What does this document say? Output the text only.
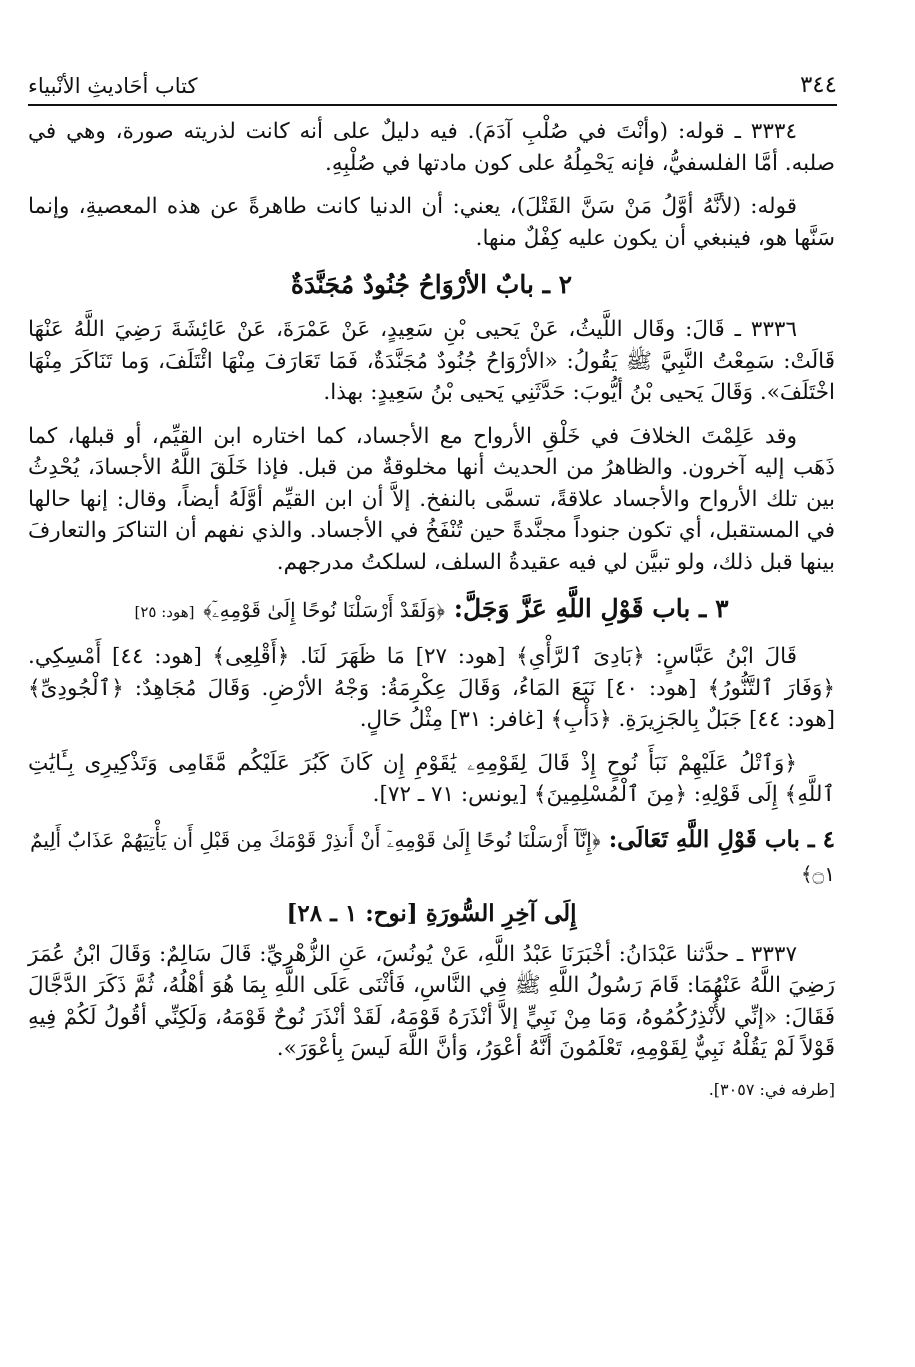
٣٤٤
كتاب أحَاديثِ الأنْبياء

٣٣٣٤ ـ قوله: (وأنْتَ في صُلْبِ آدَمَ). فيه دليلٌ على أنه كانت لذريته صورة، وهي في صلبه. أمَّا الفلسفيُّ، فإنه يَحْمِلُهُ على كون مادتها في صُلْبِهِ.

قوله: (لأنَّهُ أوَّلُ مَنْ سَنَّ القَتْلَ)، يعني: أن الدنيا كانت طاهرةً عن هذه المعصيةِ، وإنما سَنَّها هو، فينبغي أن يكون عليه كِفْلٌ منها.

٢ ـ بابٌ الأرْوَاحُ جُنُودٌ مُجَنَّدَةٌ

٣٣٣٦ ـ قَالَ: وقَال اللَّيثُ، عَنْ يَحيى بْنِ سَعِيدٍ، عَنْ عَمْرَةَ، عَنْ عَائِشَةَ رَضِيَ اللَّهُ عَنْهَا قَالَتْ: سَمِعْتُ النَّبِيَّ ﷺ يَقُولُ: «الأرْوَاحُ جُنُودٌ مُجَنَّدَةٌ، فَمَا تَعَارَفَ مِنْهَا ائْتَلَفَ، وَما تَنَاكَرَ مِنْهَا اخْتَلَفَ». وَقَالَ يَحيى بْنُ أيُّوبَ: حَدَّثَنِي يَحيى بْنُ سَعِيدٍ: بهذا.

وقد عَلِمْتَ الخلافَ في خَلْقِ الأرواح مع الأجساد، كما اختاره ابن القيِّم، أو قبلها، كما ذَهَب إليه آخرون. والظاهرُ من الحديث أنها مخلوقةٌ من قبل. فإذا خَلَقَ اللَّهُ الأجسادَ، يُحْدِثُ بين تلك الأرواح والأجساد علاقةً، تسمَّى بالنفخ. إلاَّ أن ابن القيِّم أوَّلَهُ أيضاً، وقال: إنها حالها في المستقبل، أي تكون جنوداً مجنَّدةً حين تُنْفَخُ في الأجساد. والذي نفهم أن التناكرَ والتعارفَ بينها قبل ذلك، ولو تبيَّن لي فيه عقيدةُ السلف، لسلكتُ مدرجهم.

٣ ـ باب قَوْلِ اللَّهِ عَزَّ وَجَلَّ: ﴿وَلَقَدْ أَرْسَلْنَا نُوحًا إِلَىٰ قَوْمِهِۦٓ﴾ [هود: ٢٥]

قَالَ ابْنُ عَبَّاسٍ: ﴿بَادِىَ ٱلرَّأْىِ﴾ [هود: ٢٧] مَا ظَهَرَ لَنَا. ﴿أَقْلِعِى﴾ [هود: ٤٤] أَمْسِكِي. ﴿وَفَارَ ٱلتَّنُّورُ﴾ [هود: ٤٠] نَبَعَ المَاءُ، وَقَالَ عِكْرِمَةُ: وَجْهُ الأرْضِ. وَقَالَ مُجَاهِدٌ: ﴿ٱلْجُودِىِّ﴾ [هود: ٤٤] جَبَلٌ بِالجَزِيرَةِ. ﴿دَأْبِ﴾ [غافر: ٣١] مِثْلُ حَالٍ.

﴿وَٱتْلُ عَلَيْهِمْ نَبَأَ نُوحٍ إِذْ قَالَ لِقَوْمِهِۦ يَٰقَوْمِ إِن كَانَ كَبُرَ عَلَيْكُم مَّقَامِى وَتَذْكِيرِى بِـَٔايَٰتِ ٱللَّهِ﴾ إِلَى قَوْلِهِ: ﴿مِنَ ٱلْمُسْلِمِينَ﴾ [يونس: ٧١ ـ ٧٢].

٤ ـ باب قَوْلِ اللَّهِ تَعَالَى: ﴿إِنَّآ أَرْسَلْنَا نُوحًا إِلَىٰ قَوْمِهِۦٓ أَنْ أَنذِرْ قَوْمَكَ مِن قَبْلِ أَن يَأْتِيَهُمْ عَذَابٌ أَلِيمٌ ۝١﴾
إِلَى آخِرِ السُّورَةِ [نوح: ١ ـ ٢٨]

٣٣٣٧ ـ حدَّثنا عَبْدَانُ: أخْبَرَنَا عَبْدُ اللَّهِ، عَنْ يُونُسَ، عَنِ الزُّهْرِيِّ: قَالَ سَالِمٌ: وَقَالَ ابْنُ عُمَرَ رَضِيَ اللَّهُ عَنْهُمَا: قَامَ رَسُولُ اللَّهِ ﷺ فِي النَّاسِ، فَأثْنَى عَلَى اللَّهِ بِمَا هُوَ أهْلُهُ، ثُمَّ ذَكَرَ الدَّجَّالَ فَقَالَ: «إنِّي لأُنْذِرُكُمُوهُ، وَمَا مِنْ نَبِيٍّ إلاَّ أنْذَرَهُ قَوْمَهُ، لَقَدْ أنْذَرَ نُوحٌ قَوْمَهُ، وَلَكِنِّي أقُولُ لَكُمْ فِيهِ قَوْلاً لَمْ يَقُلْهُ نَبِيٌّ لِقَوْمِهِ، تَعْلَمُونَ أنَّهُ أعْوَرُ، وَأنَّ اللَّهَ لَيسَ بِأعْوَرَ».

[طرفه في: ٣٠٥٧].
